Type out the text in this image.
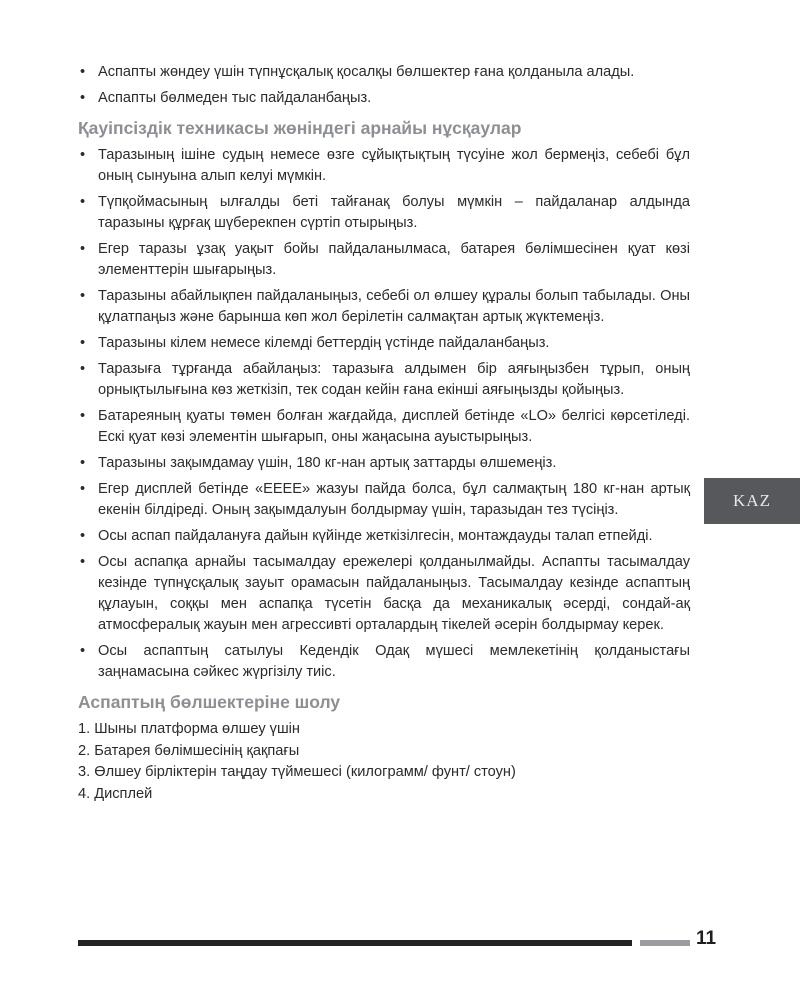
• Аспапты жөндеу үшін түпнұсқалық қосалқы бөлшектер ғана қолданыла алады.
• Аспапты бөлмеден тыс пайдаланбаңыз.
Қауіпсіздік техникасы жөніндегі арнайы нұсқаулар
• Таразының ішіне судың немесе өзге сұйықтықтың түсуіне жол бермеңіз, себебі бұл оның сынуына алып келуі мүмкін.
• Түпқоймасының ылғалды беті тайғанақ болуы мүмкін – пайдаланар алдында таразыны құрғақ шүберекпен сүртіп отырыңыз.
• Егер таразы ұзақ уақыт бойы пайдаланылмаса, батарея бөлімшесінен қуат көзі элементтерін шығарыңыз.
• Таразыны абайлықпен пайдаланыңыз, себебі ол өлшеу құралы болып табылады. Оны құлатпаңыз және барынша көп жол берілетін салмақтан артық жүктемеңіз.
• Таразыны кілем немесе кілемді беттердің үстінде пайдаланбаңыз.
• Таразыға тұрғанда абайлаңыз: таразыға алдымен бір аяғыңызбен тұрып, оның орнықтылығына көз жеткізіп, тек содан кейін ғана екінші аяғыңызды қойыңыз.
• Батареяның қуаты төмен болған жағдайда, дисплей бетінде «LO» белгісі көрсетіледі. Ескі қуат көзі элементін шығарып, оны жаңасына ауыстырыңыз.
• Таразыны зақымдамау үшін, 180 кг-нан артық заттарды өлшемеңіз.
• Егер дисплей бетінде «EEEE» жазуы пайда болса, бұл салмақтың 180 кг-нан артық екенін білдіреді. Оның зақымдалуын болдырмау үшін, таразыдан тез түсіңіз.
• Осы аспап пайдалануға дайын күйінде жеткізілгесін, монтаждауды талап етпейді.
• Осы аспапқа арнайы тасымалдау ережелері қолданылмайды. Аспапты тасымалдау кезінде түпнұсқалық зауыт орамасын пайдаланыңыз. Тасымалдау кезінде аспаптың құлауын, соққы мен аспапқа түсетін басқа да механикалық әсерді, сондай-ақ атмосфералық жауын мен агрессивті орталардың тікелей әсерін болдырмау керек.
• Осы аспаптың сатылуы Кедендік Одақ мүшесі мемлекетінің қолданыстағы заңнамасына сәйкес жүргізілу тиіс.
Аспаптың бөлшектеріне шолу
1. Шыны платформа өлшеу үшін
2. Батарея бөлімшесінің қақпағы
3. Өлшеу бірліктерін таңдау түймешесі (килограмм/ фунт/ стоун)
4. Дисплей
KAZ
11
